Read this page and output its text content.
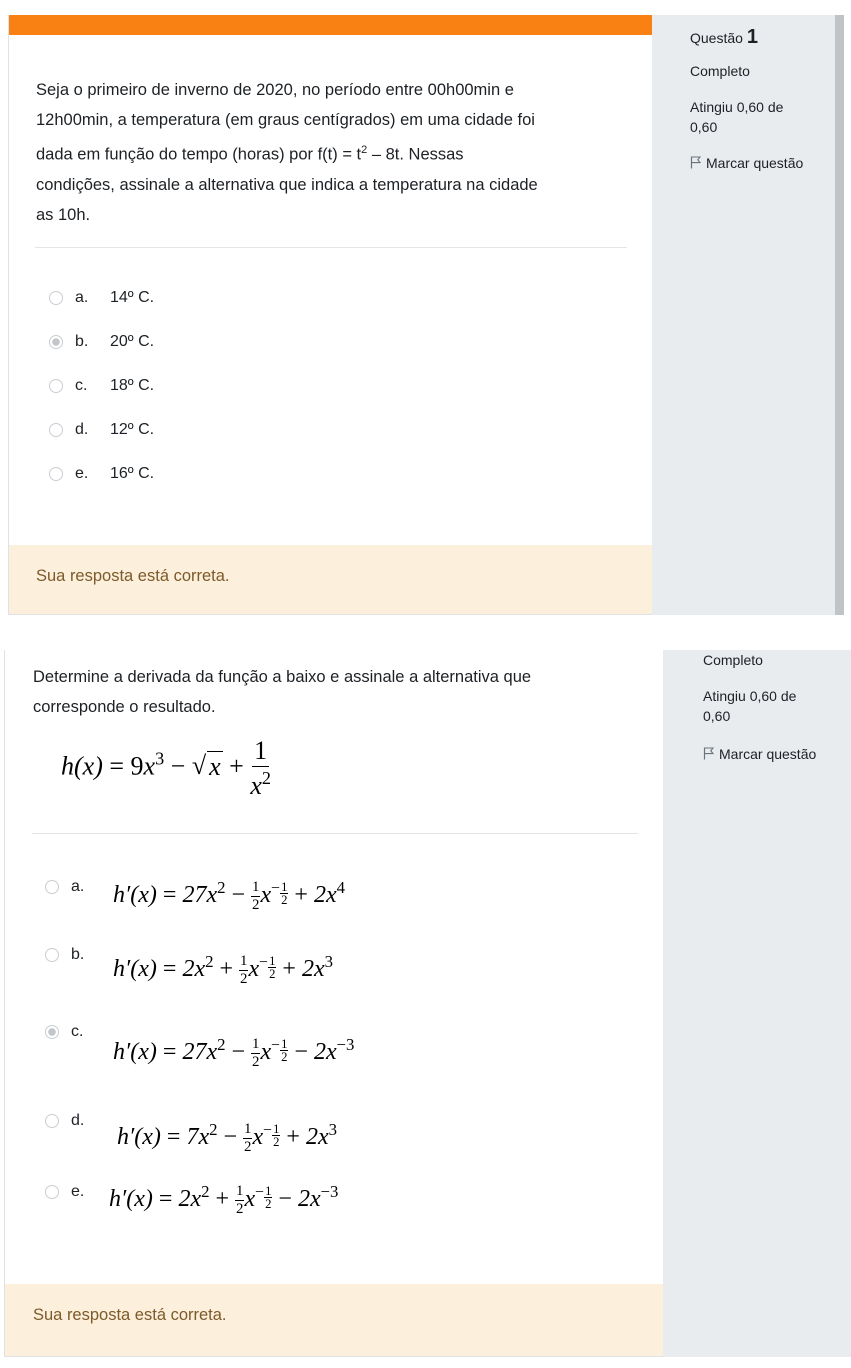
Seja o primeiro de inverno de 2020, no período entre 00h00min e
12h00min, a temperatura (em graus centígrados) em uma cidade foi
dada em função do tempo (horas) por $f(t) = t^2 - 8t$. Nessas
condições, assinale a alternativa que indica a temperatura na cidade
as 10h.
a.	14º C.
b.	20º C.
c.	18º C.
d.	12º C.
e.	16º C.
Sua resposta está correta.
Questão 1
Completo
Atingiu 0,60 de
0,60
Marcar questão
Determine a derivada da função a baixo e assinale a alternativa que
corresponde o resultado.
$h(x) = 9x^3$ − √ $x + \frac{1}{x^2}$
a.
b.
c.
d.
e.
$h'(x) = 27x^2 - \frac{1}{2}$ $x - \frac{1}{2} + 2x^4$
$h'(x) = 2x^2 + \frac{1}{2}$ $x - \frac{1}{2} + 2x^3$
$h'(x) = 27x^2 - \frac{1}{2}$ $x - \frac{1}{2} - 2x^{-3}$
$h'(x) = 7x^2 - \frac{1}{2}$ $x - \frac{1}{2} + 2x^3$
$h'(x) = 2x^2 + \frac{1}{2}$ $x - \frac{1}{2} - 2x^{-3}$
Sua resposta está correta.
Completo
Atingiu 0,60 de
0,60
Marcar questão
